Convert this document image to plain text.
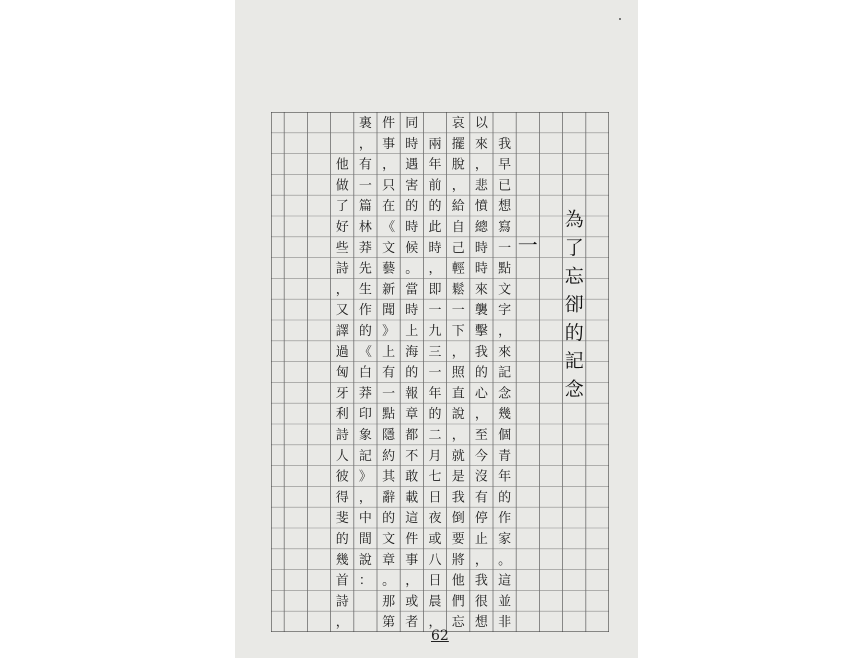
為了忘卻的記念
一
我早已想寫一點文字，來記念幾個青年的作家。這並非
以來，悲憤總時時來襲擊我的心，至今沒有停止，我很想
哀擺脫，給自己輕鬆一下，照直說，就是我倒要將他們忘
兩年前的此時，即一九三一年的二月七日夜或八日晨，
同時遇害的時候。當時上海的報章都不敢載這件事，或者
件事，只在《文藝新聞》上有一點隱約其辭的文章。那第
裏，有一篇林莽先生作的《白莽印象記》，中間說：
他做了好些詩，又譯過匈牙利詩人彼得斐的幾首詩，
62
